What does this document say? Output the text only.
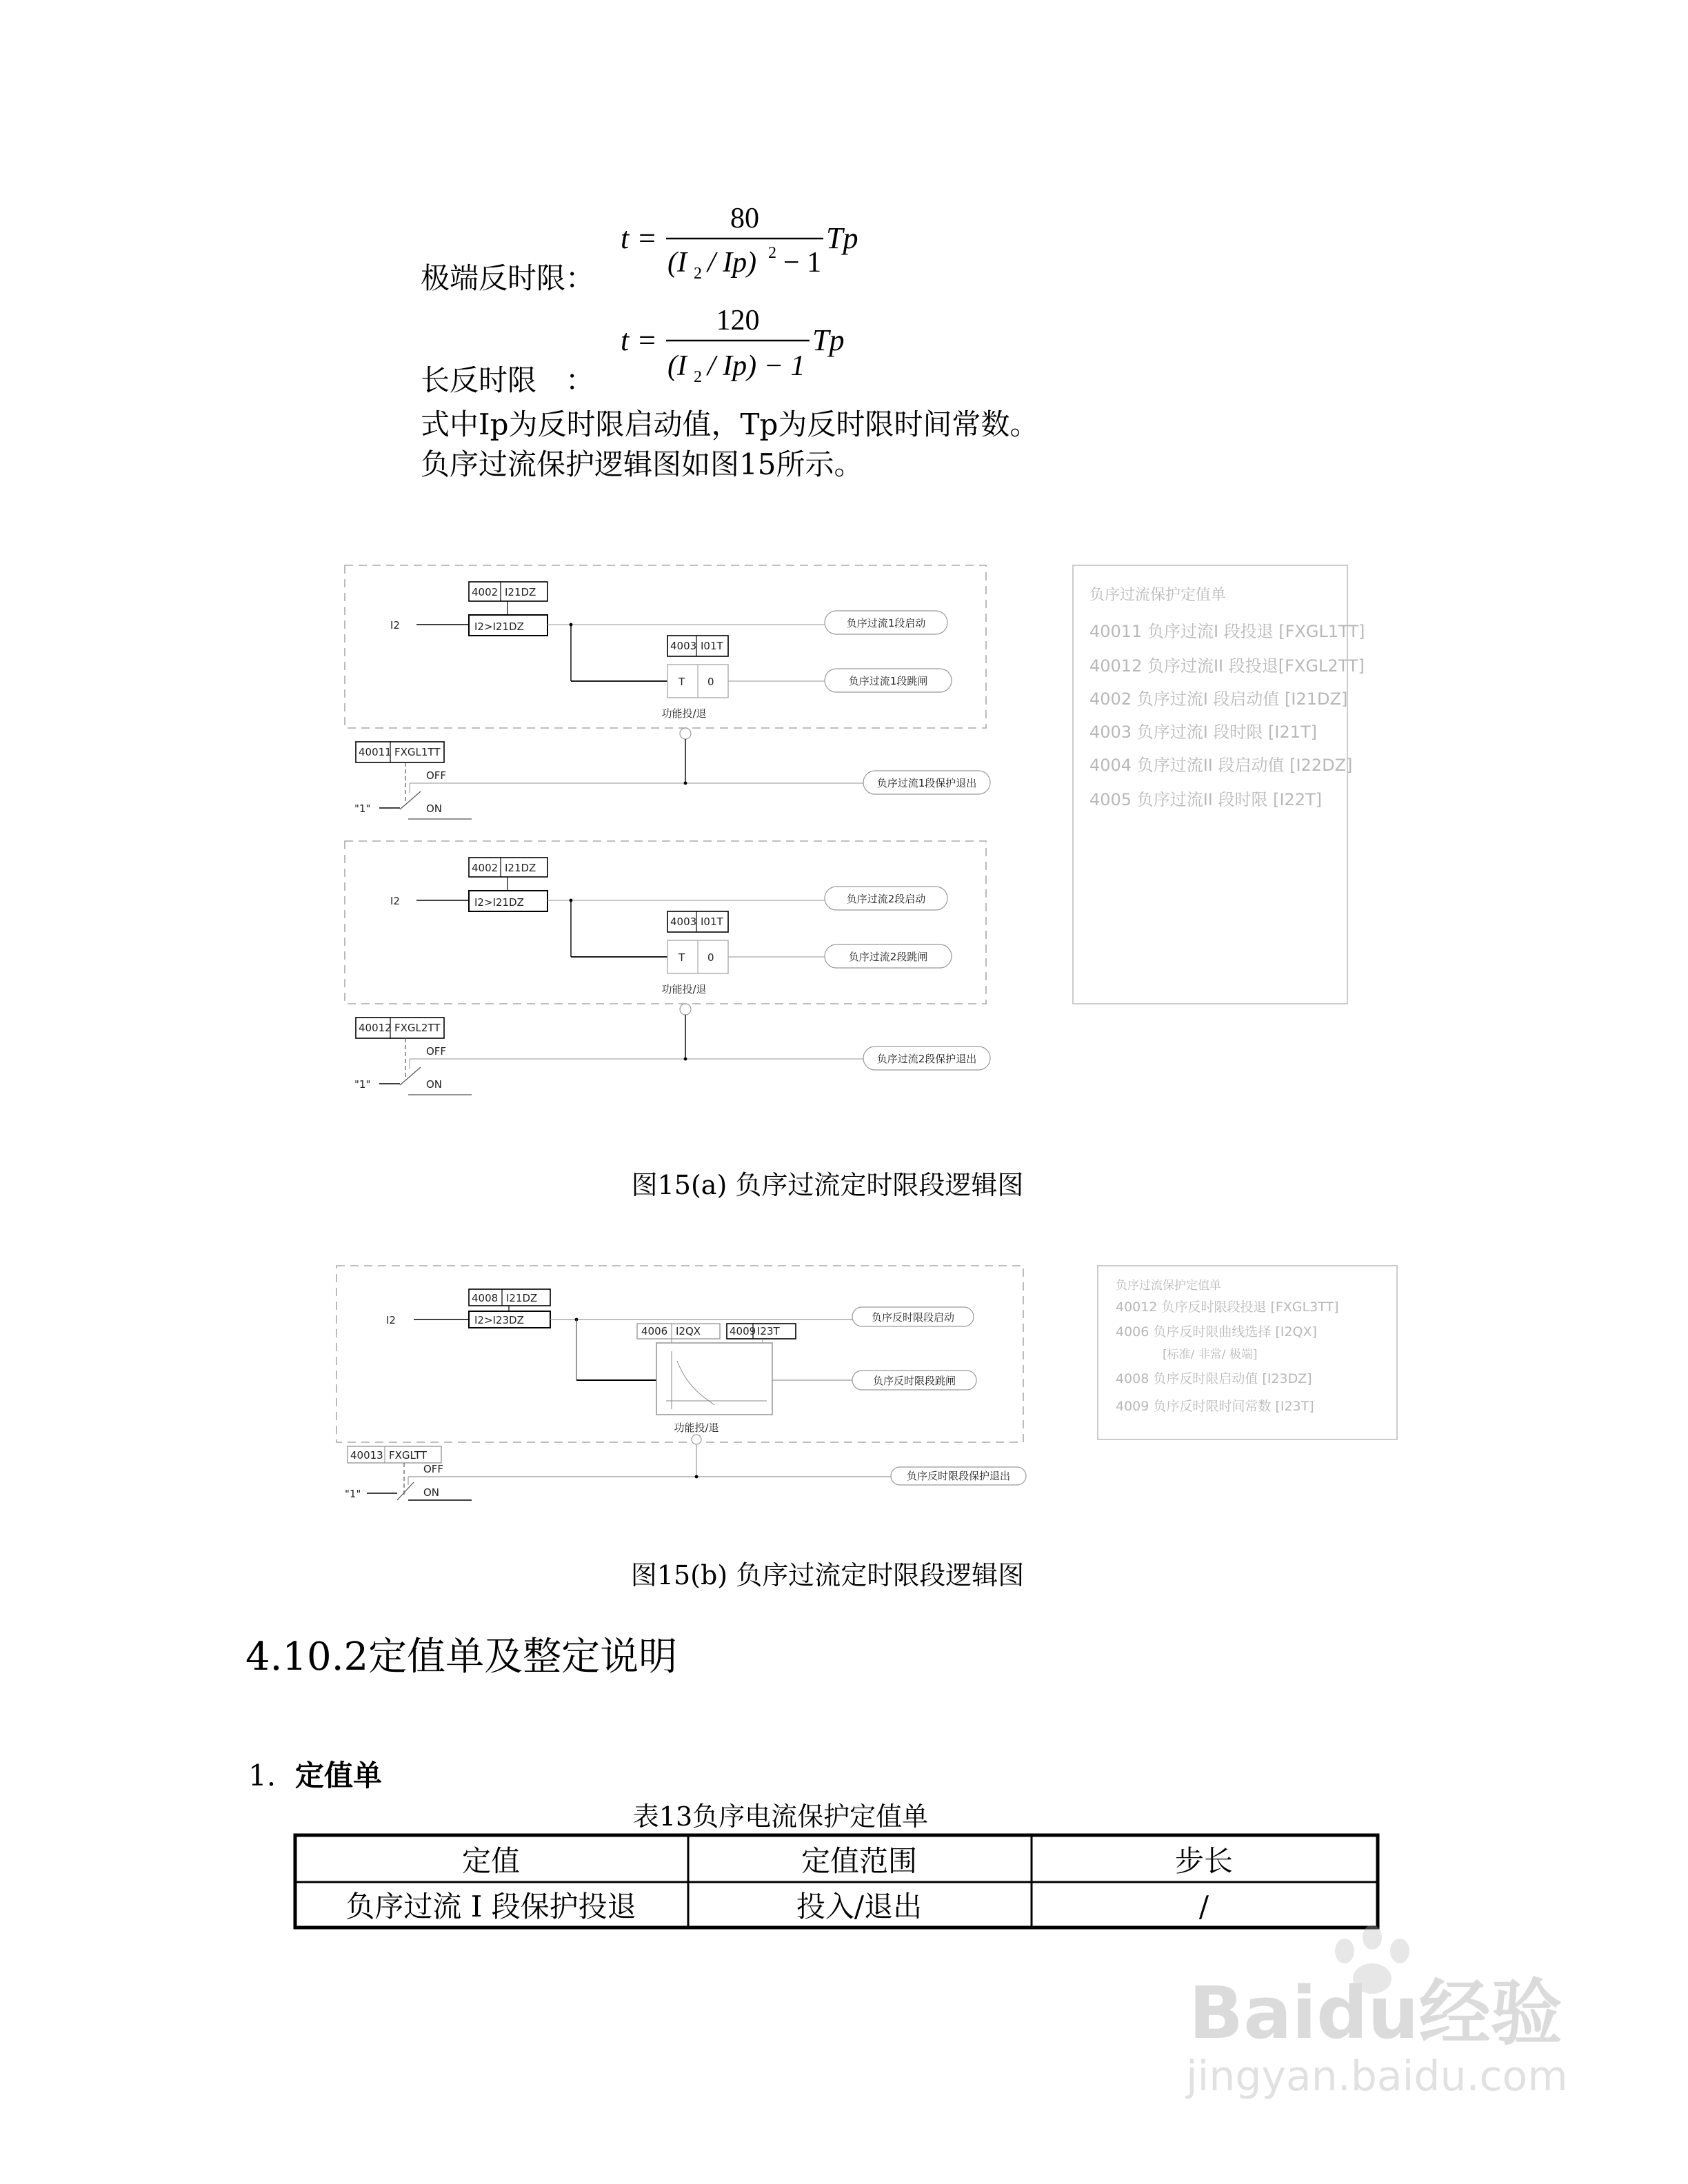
极端反时限：
t =
80
(I 2 / Ip) 2 − 1
Tp
长反时限　：
t =
120
(I 2 / Ip) − 1
Tp
式中Ip为反时限启动值，Tp为反时限时间常数。
负序过流保护逻辑图如图15所示。
4002 I21DZ
I2>I21DZ
I2
4003 I01T
T	0
负序过流1段启动
负序过流1段跳闸
功能投/退
40011 FXGL1TT
OFF
"1"	ON
负序过流1段保护退出
4002 I21DZ
I2>I21DZ
I2
4003 I01T
T	0
负序过流2段启动
负序过流2段跳闸
功能投/退
40012 FXGL2TT
OFF
"1"	ON
负序过流2段保护退出
负序过流保护定值单
40011 负序过流I 段投退 [FXGL1TT]
40012 负序过流II 段投退[FXGL2TT]
4002 负序过流I 段启动值 [I21DZ]
4003 负序过流I 段时限 [I21T]
4004 负序过流II 段启动值 [I22DZ]
4005 负序过流II 段时限 [I22T]
图15(a) 负序过流定时限段逻辑图
4008 I21DZ
I2>I23DZ
I2
4006 I2QX	4009 I23T
负序反时限段启动
负序反时限段跳闸
功能投/退
40013 FXGLTT
OFF
"1"	ON
负序反时限段保护退出
负序过流保护定值单
40012 负序反时限段投退 [FXGL3TT]
4006 负序反时限曲线选择 [I2QX]
[标准/ 非常/ 极端]
4008 负序反时限启动值 [I23DZ]
4009 负序反时限时间常数 [I23T]
图15(b) 负序过流定时限段逻辑图
4.10.2定值单及整定说明
1. 定值单
表13负序电流保护定值单
定值	定值范围	步长
负序过流 I 段保护投退	投入/退出	/
Baidu经验
jingyan.baidu.com
